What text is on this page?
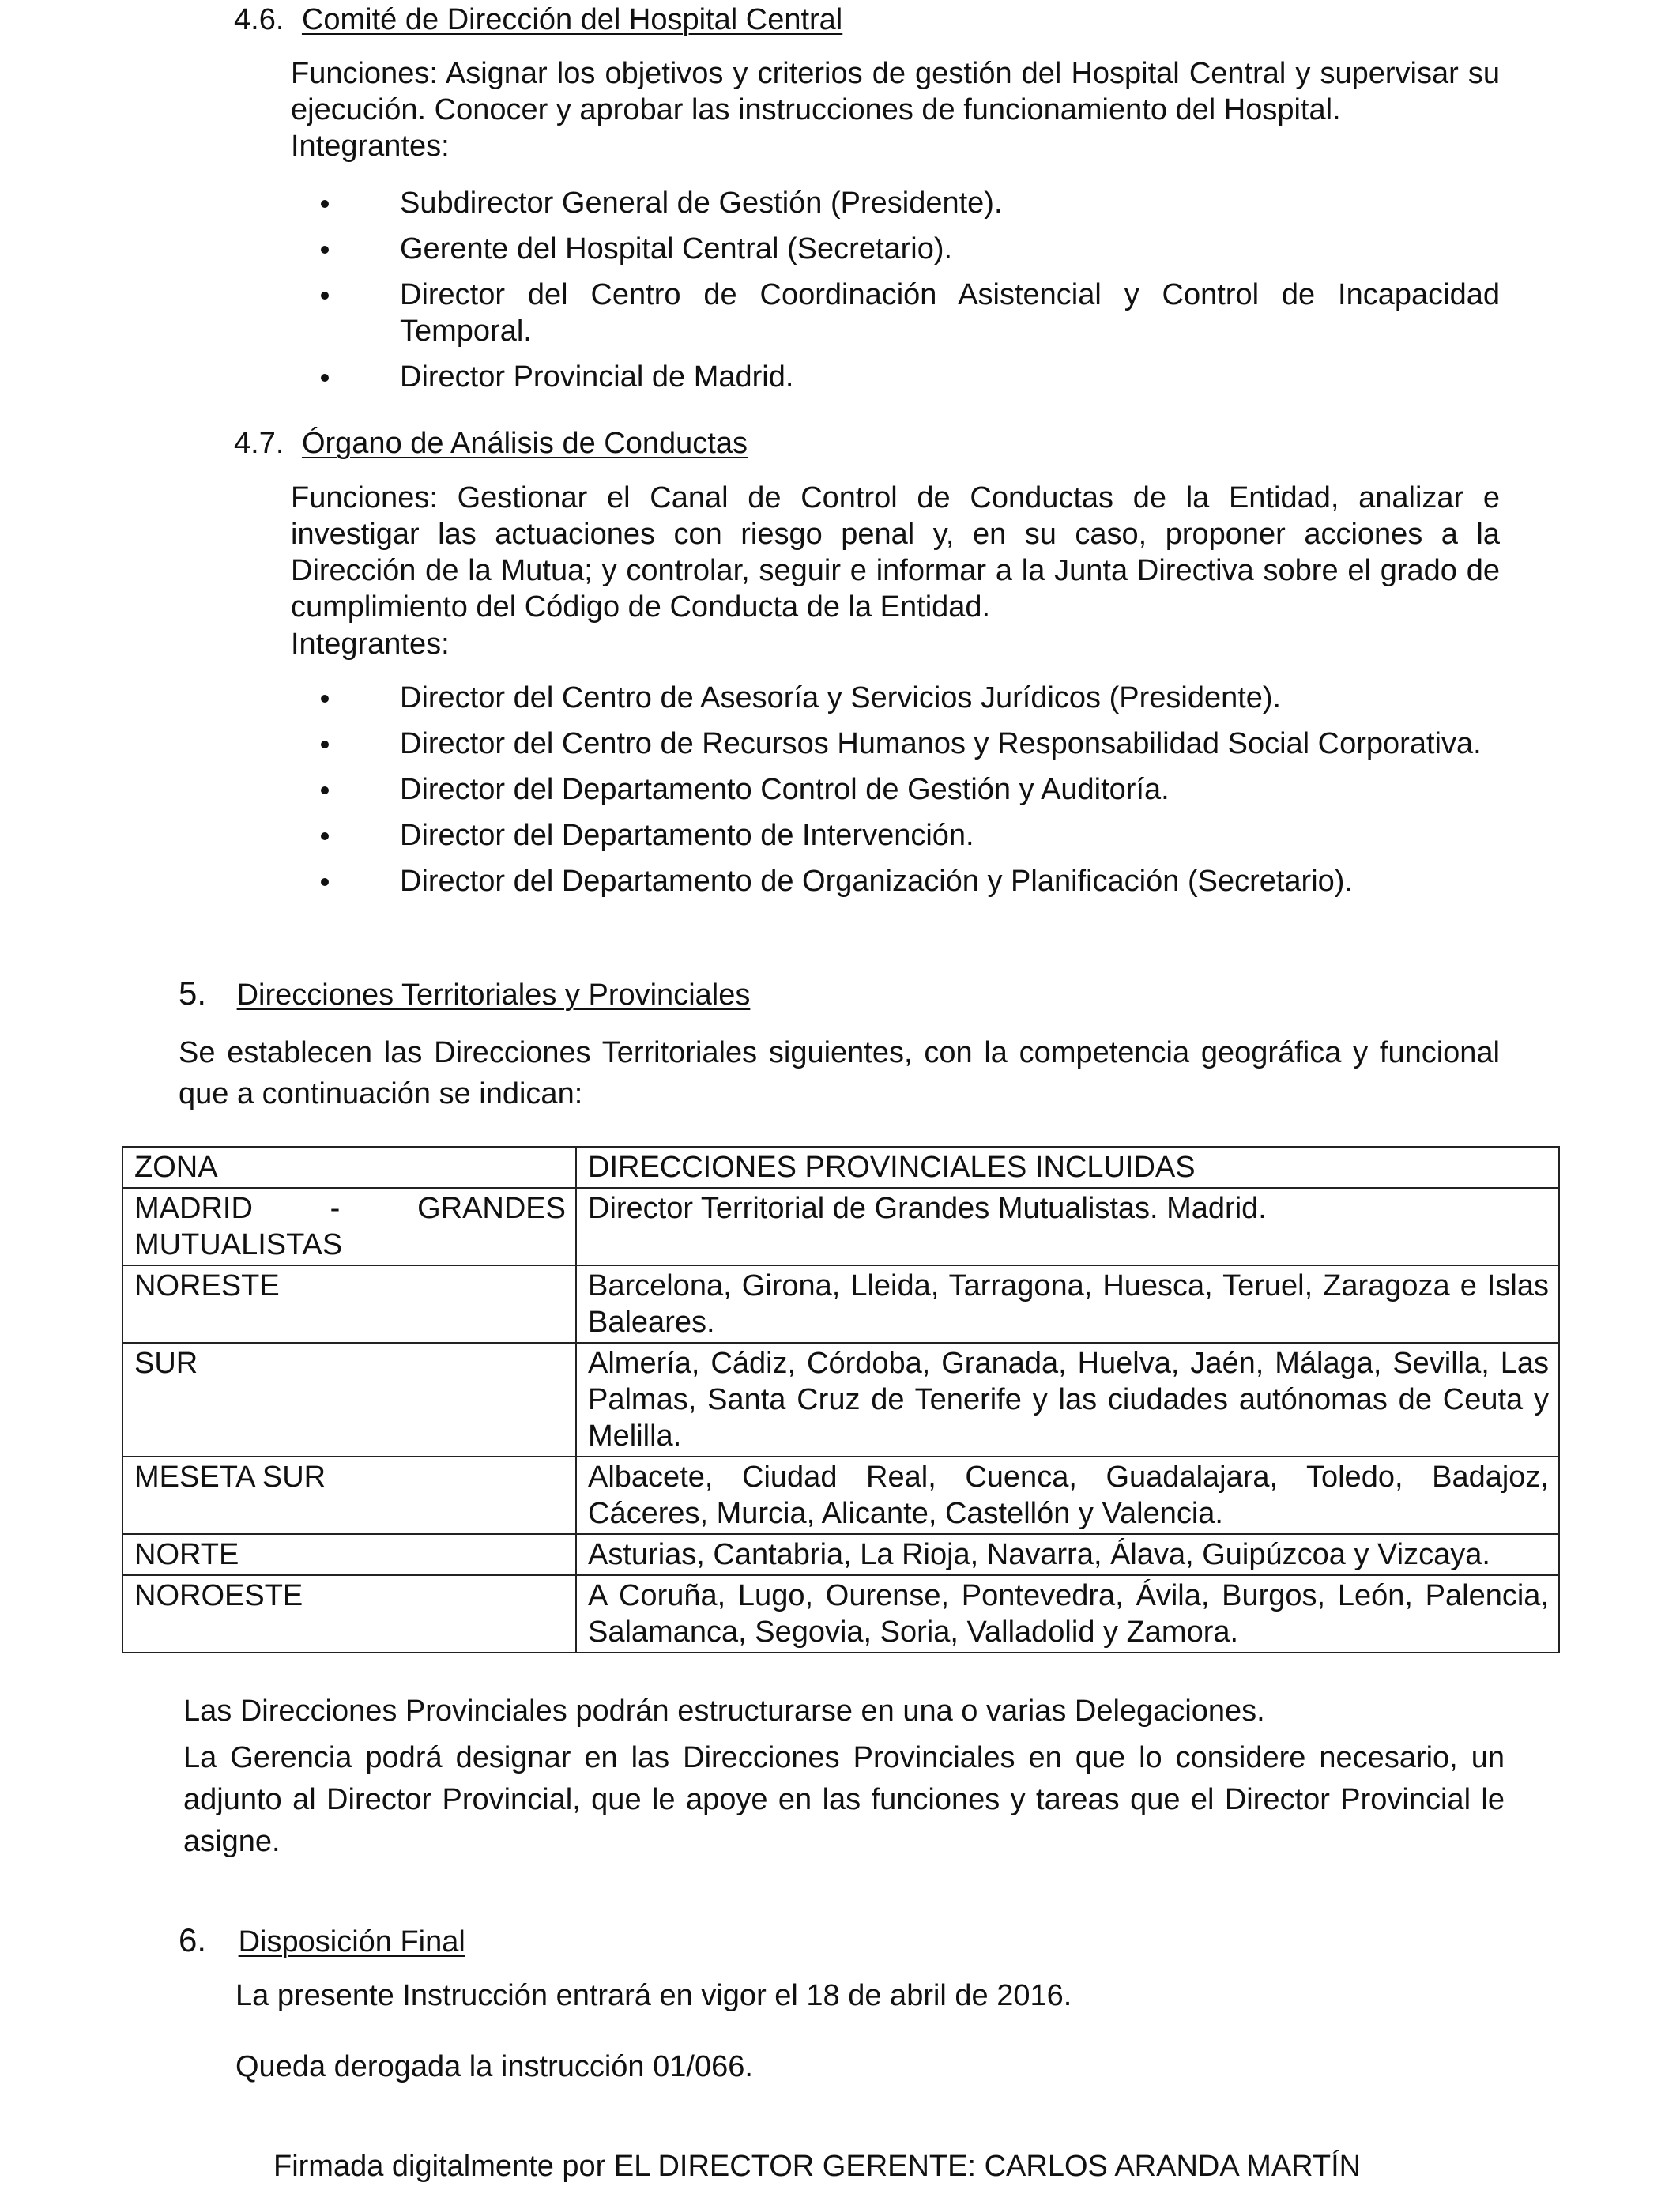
4.6. Comité de Dirección del Hospital Central
Funciones: Asignar los objetivos y criterios de gestión del Hospital Central y supervisar su ejecución. Conocer y aprobar las instrucciones de funcionamiento del Hospital.
Integrantes:
Subdirector General de Gestión (Presidente).
Gerente del Hospital Central (Secretario).
Director del Centro de Coordinación Asistencial y Control de Incapacidad Temporal.
Director Provincial de Madrid.
4.7. Órgano de Análisis de Conductas
Funciones: Gestionar el Canal de Control de Conductas de la Entidad, analizar e investigar las actuaciones con riesgo penal y, en su caso, proponer acciones a la Dirección de la Mutua; y controlar, seguir e informar a la Junta Directiva sobre el grado de cumplimiento del Código de Conducta de la Entidad.
Integrantes:
Director del Centro de Asesoría y Servicios Jurídicos (Presidente).
Director del Centro de Recursos Humanos y Responsabilidad Social Corporativa.
Director del Departamento Control de Gestión y Auditoría.
Director del Departamento de Intervención.
Director del Departamento de Organización y Planificación (Secretario).
5. Direcciones Territoriales y Provinciales
Se establecen las Direcciones Territoriales siguientes, con la competencia geográfica y funcional que a continuación se indican:
ZONA	DIRECCIONES PROVINCIALES INCLUIDAS

MADRID - GRANDES
MUTUALISTAS	Director Territorial de Grandes Mutualistas. Madrid.
NORESTE	Barcelona, Girona, Lleida, Tarragona, Huesca, Teruel, Zaragoza e Islas Baleares.
SUR	Almería, Cádiz, Córdoba, Granada, Huelva, Jaén, Málaga, Sevilla, Las Palmas, Santa Cruz de Tenerife y las ciudades autónomas de Ceuta y Melilla.
MESETA SUR	Albacete, Ciudad Real, Cuenca, Guadalajara, Toledo, Badajoz, Cáceres, Murcia, Alicante, Castellón y Valencia.
NORTE	Asturias, Cantabria, La Rioja, Navarra, Álava, Guipúzcoa y Vizcaya.
NOROESTE	A Coruña, Lugo, Ourense, Pontevedra, Ávila, Burgos, León, Palencia, Salamanca, Segovia, Soria, Valladolid y Zamora.
Las Direcciones Provinciales podrán estructurarse en una o varias Delegaciones.
La Gerencia podrá designar en las Direcciones Provinciales en que lo considere necesario, un adjunto al Director Provincial, que le apoye en las funciones y tareas que el Director Provincial le asigne.
6. Disposición Final
La presente Instrucción entrará en vigor el 18 de abril de 2016.
Queda derogada la instrucción 01/066.
Firmada digitalmente por EL DIRECTOR GERENTE: CARLOS ARANDA MARTÍN
